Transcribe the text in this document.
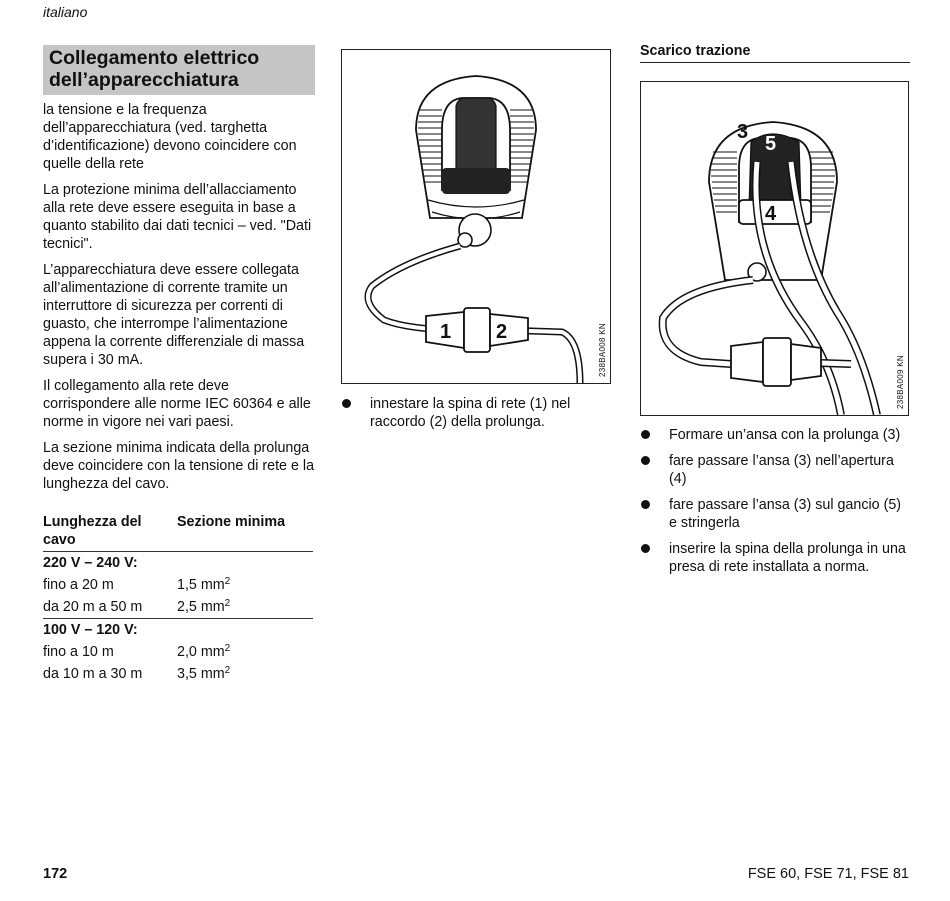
italiano
Collegamento elettrico dell’apparecchiatura

la tensione e la frequenza dell’apparecchiatura (ved. targhetta d’identificazione) devono coincidere con quelle della rete

La protezione minima dell’allacciamento alla rete deve essere eseguita in base a quanto stabilito dai dati tecnici – ved. "Dati tecnici".

L’apparecchiatura deve essere collegata all’alimentazione di corrente tramite un interruttore di sicurezza per correnti di guasto, che interrompe l’alimentazione appena la corrente differenziale di massa supera i 30 mA.

Il collegamento alla rete deve corrispondere alle norme IEC 60364 e alle norme in vigore nei vari paesi.

La sezione minima indicata della prolunga deve coincidere con la tensione di rete e la lunghezza del cavo.

Lunghezza del cavo	Sezione minima
220 V – 240 V:	
fino a 20 m	1,5 $mm^2$
da 20 m a 50 m	2,5 $mm^2$
100 V – 120 V:	
fino a 10 m	2,0 $mm^2$
da 10 m a 30 m	3,5 $mm^2$
1 2	238BA008 KN
innestare la spina di rete (1) nel raccordo (2) della prolunga.
Scarico trazione
3
5
4
238BA009 KN
Formare un’ansa con la prolunga (3)
fare passare l’ansa (3) nell’apertura (4)
fare passare l’ansa (3) sul gancio (5) e stringerla
inserire la spina della prolunga in una presa di rete installata a norma.
172	FSE 60, FSE 71, FSE 81
